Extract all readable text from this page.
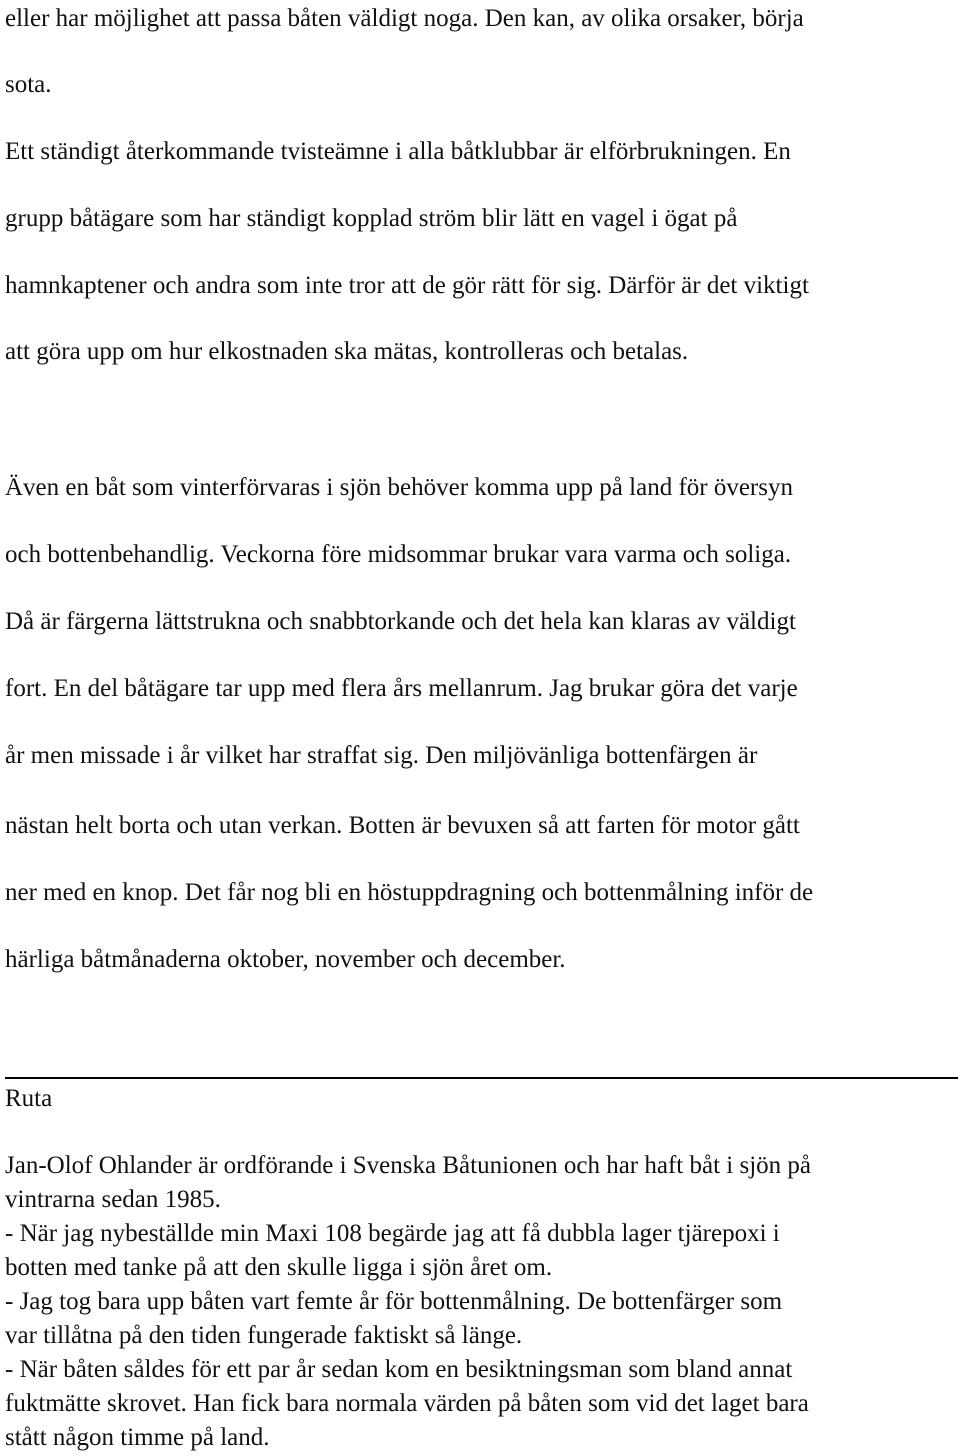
eller har möjlighet att passa båten väldigt noga. Den kan, av olika orsaker, börja

sota.

Ett ständigt återkommande tvisteämne i alla båtklubbar är elförbrukningen. En

grupp båtägare som har ständigt kopplad ström blir lätt en vagel i ögat på

hamnkaptener och andra som inte tror att de gör rätt för sig. Därför är det viktigt

att göra upp om hur elkostnaden ska mätas, kontrolleras och betalas.

Även en båt som vinterförvaras i sjön behöver komma upp på land för översyn

och bottenbehandlig. Veckorna före midsommar brukar vara varma och soliga.

Då är färgerna lättstrukna och snabbtorkande och det hela kan klaras av väldigt

fort. En del båtägare tar upp med flera års mellanrum. Jag brukar göra det varje

år men missade i år vilket har straffat sig. Den miljövänliga bottenfärgen är

nästan helt borta och utan verkan. Botten är bevuxen så att farten för motor gått

ner med en knop. Det får nog bli en höstuppdragning och bottenmålning inför de

härliga båtmånaderna oktober, november och december.

Ruta

Jan-Olof Ohlander är ordförande i Svenska Båtunionen och har haft båt i sjön på

vintrarna sedan 1985.

- När jag nybeställde min Maxi 108 begärde jag att få dubbla lager tjärepoxi i

botten med tanke på att den skulle ligga i sjön året om.

- Jag tog bara upp båten vart femte år för bottenmålning. De bottenfärger som

var tillåtna på den tiden fungerade faktiskt så länge.

- När båten såldes för ett par år sedan kom en besiktningsman som bland annat

fuktmätte skrovet. Han fick bara normala värden på båten som vid det laget bara

stått någon timme på land.
